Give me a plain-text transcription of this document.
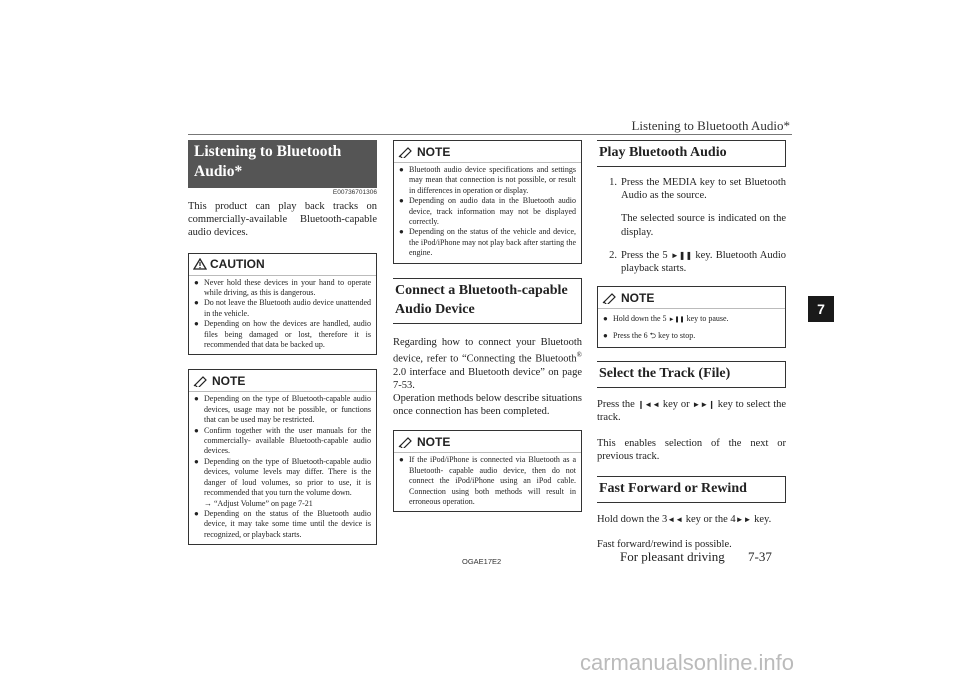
Listening to Bluetooth Audio*
7
Listening to Bluetooth Audio*
E00736701306

This product can play back tracks on commercially-available Bluetooth-capable audio devices.

CAUTION
● Never hold these devices in your hand to operate while driving, as this is dangerous.
● Do not leave the Bluetooth audio device unattended in the vehicle.
● Depending on how the devices are handled, audio files being damaged or lost, therefore it is recommended that data be backed up.
NOTE
● Depending on the type of Bluetooth-capable audio devices, usage may not be possible, or functions that can be used may be restricted.
● Confirm together with the user manuals for the commercially- available Bluetooth-capable audio devices.
● Depending on the type of Bluetooth-capable audio devices, volume levels may differ. There is the danger of loud volumes, so prior to use, it is recommended that you turn the volume down.
→ “Adjust Volume” on page 7-21
● Depending on the status of the Bluetooth audio device, it may take some time until the device is recognized, or playback starts.
NOTE
● Bluetooth audio device specifications and settings may mean that connection is not possible, or result in differences in operation or display.
● Depending on audio data in the Bluetooth audio device, track information may not be displayed correctly.
● Depending on the status of the vehicle and device, the iPod/iPhone may not play back after starting the engine.
Connect a Bluetooth-capable Audio Device

Regarding how to connect your Bluetooth device, refer to “Connecting the Bluetooth® 2.0 interface and Bluetooth device” on page 7-53.

Operation methods below describe situations once connection has been completed.

NOTE
● If the iPod/iPhone is connected via Bluetooth as a Bluetooth- capable audio device, then do not connect the iPod/iPhone using an iPod cable. Connection using both methods will result in erroneous operation.
Play Bluetooth Audio
1. Press the MEDIA key to set Bluetooth Audio as the source.
The selected source is indicated on the display.
2. Press the 5 ►❚❚ key. Bluetooth Audio playback starts.
NOTE
● Hold down the 5 ►❚❚ key to pause.
● Press the 6 ⮌ key to stop.
Select the Track (File)

Press the ❙◄◄ key or ►►❙ key to select the track.

This enables selection of the next or previous track.

Fast Forward or Rewind

Hold down the 3◄◄ key or the 4►► key.

Fast forward/rewind is possible.

OGAE17E2	For pleasant driving 7-37
carmanualsonline.info
